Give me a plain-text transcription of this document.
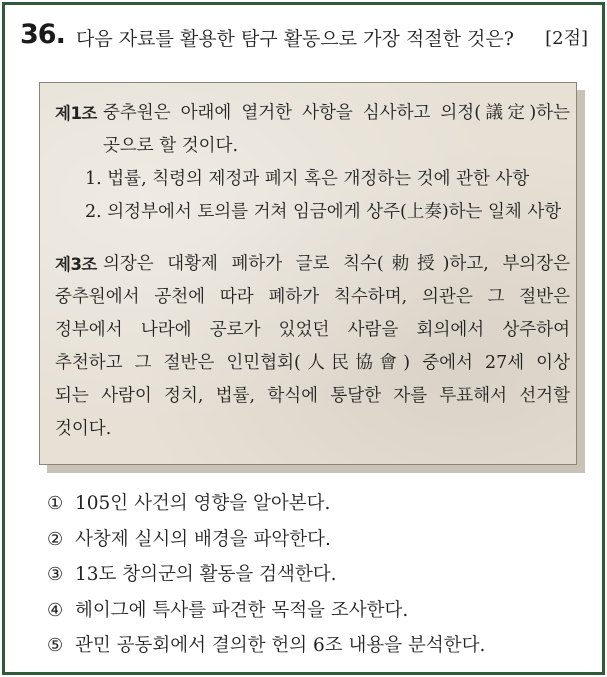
36. 다음 자료를 활용한 탐구 활동으로 가장 적절한 것은? [2점]
제1조 중추원은 아래에 열거한 사항을 심사하고 의정(議定)하는
곳으로 할 것이다.
1. 법률, 칙령의 제정과 폐지 혹은 개정하는 것에 관한 사항
2. 의정부에서 토의를 거쳐 임금에게 상주(上奏)하는 일체 사항
제3조 의장은 대황제 폐하가 글로 칙수(勅授)하고, 부의장은
중추원에서 공천에 따라 폐하가 칙수하며, 의관은 그 절반은
정부에서 나라에 공로가 있었던 사람을 회의에서 상주하여
추천하고 그 절반은 인민협회(人民協會) 중에서 27세 이상
되는 사람이 정치, 법률, 학식에 통달한 자를 투표해서 선거할
것이다.
① 105인 사건의 영향을 알아본다.
② 사창제 실시의 배경을 파악한다.
③ 13도 창의군의 활동을 검색한다.
④ 헤이그에 특사를 파견한 목적을 조사한다.
⑤ 관민 공동회에서 결의한 헌의 6조 내용을 분석한다.
